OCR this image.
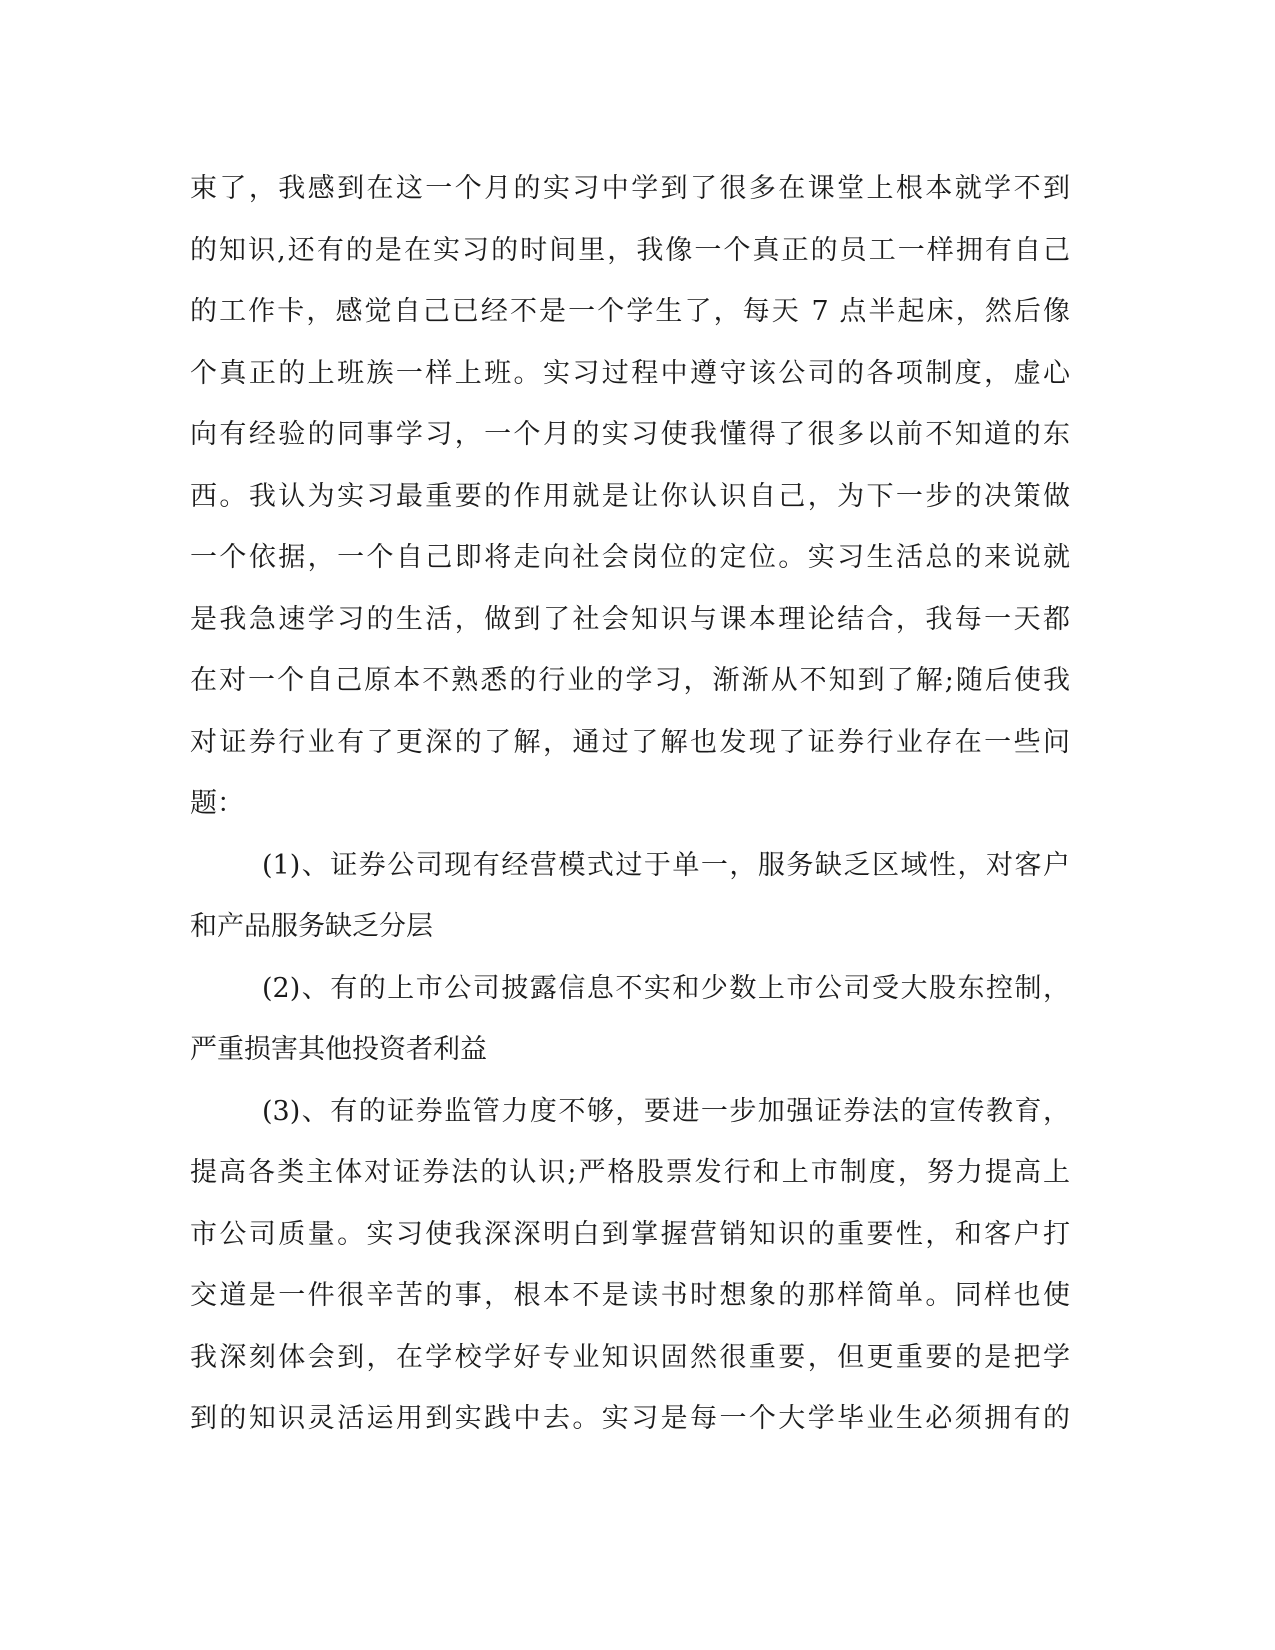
束了，我感到在这一个月的实习中学到了很多在课堂上根本就学不到
的知识,还有的是在实习的时间里，我像一个真正的员工一样拥有自己
的工作卡，感觉自己已经不是一个学生了，每天 7 点半起床，然后像
个真正的上班族一样上班。实习过程中遵守该公司的各项制度，虚心
向有经验的同事学习，一个月的实习使我懂得了很多以前不知道的东
西。我认为实习最重要的作用就是让你认识自己，为下一步的决策做
一个依据，一个自己即将走向社会岗位的定位。实习生活总的来说就
是我急速学习的生活，做到了社会知识与课本理论结合，我每一天都
在对一个自己原本不熟悉的行业的学习，渐渐从不知到了解;随后使我
对证券行业有了更深的了解，通过了解也发现了证券行业存在一些问
题：
(1)、证券公司现有经营模式过于单一，服务缺乏区域性，对客户
和产品服务缺乏分层
(2)、有的上市公司披露信息不实和少数上市公司受大股东控制，
严重损害其他投资者利益
(3)、有的证券监管力度不够，要进一步加强证券法的宣传教育，
提高各类主体对证券法的认识;严格股票发行和上市制度，努力提高上
市公司质量。实习使我深深明白到掌握营销知识的重要性，和客户打
交道是一件很辛苦的事，根本不是读书时想象的那样简单。同样也使
我深刻体会到，在学校学好专业知识固然很重要，但更重要的是把学
到的知识灵活运用到实践中去。实习是每一个大学毕业生必须拥有的
